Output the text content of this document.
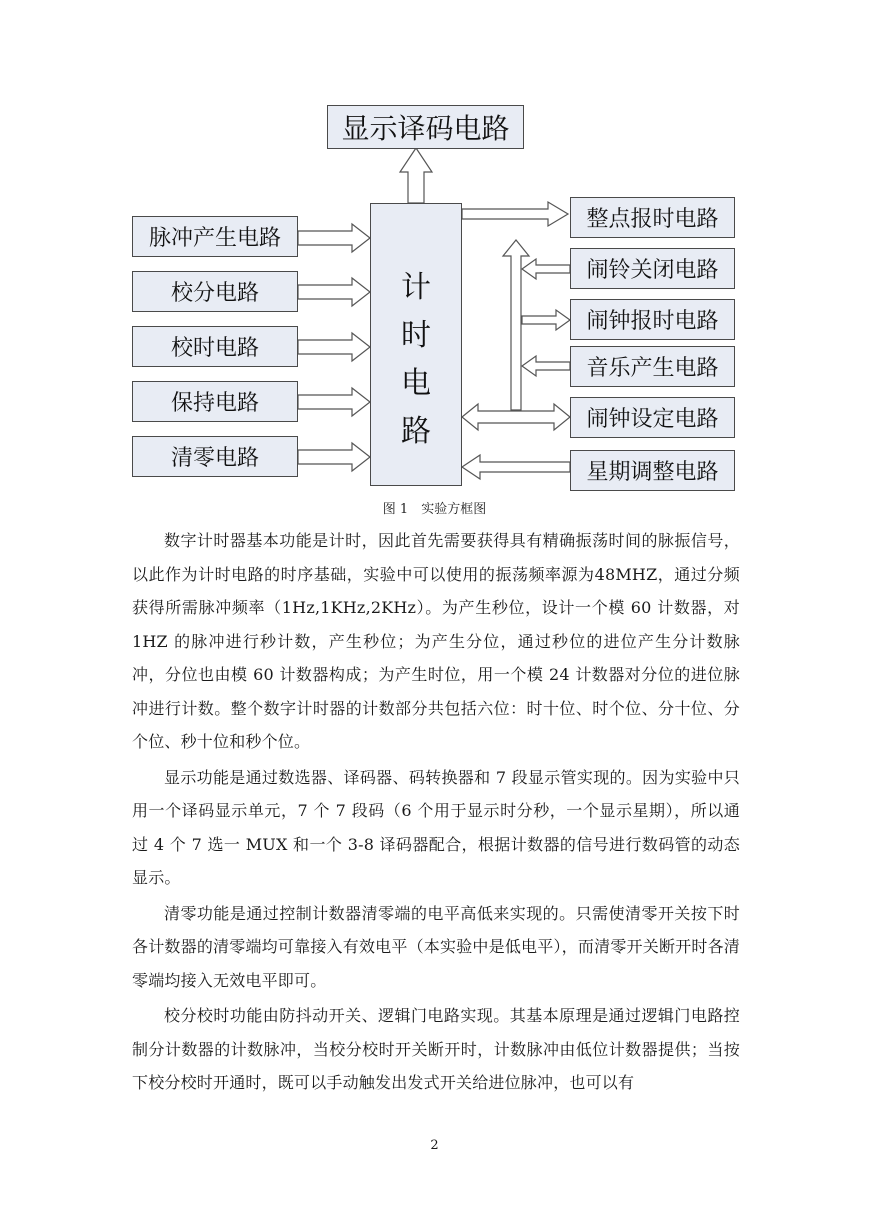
显示译码电路
计
时
电
路
脉冲产生电路
校分电路
校时电路
保持电路
清零电路
整点报时电路
闹铃关闭电路
闹钟报时电路
音乐产生电路
闹钟设定电路
星期调整电路
图 1　实验方框图

数字计时器基本功能是计时，因此首先需要获得具有精确振荡时间的脉振信号，以此作为计时电路的时序基础，实验中可以使用的振荡频率源为48MHZ，通过分频获得所需脉冲频率（1Hz,1KHz,2KHz）。为产生秒位，设计一个模 60 计数器，对 1HZ 的脉冲进行秒计数，产生秒位；为产生分位，通过秒位的进位产生分计数脉冲，分位也由模 60 计数器构成；为产生时位，用一个模 24 计数器对分位的进位脉冲进行计数。整个数字计时器的计数部分共包括六位：时十位、时个位、分十位、分个位、秒十位和秒个位。

显示功能是通过数选器、译码器、码转换器和 7 段显示管实现的。因为实验中只用一个译码显示单元，7 个 7 段码（6 个用于显示时分秒，一个显示星期），所以通过 4 个 7 选一 MUX 和一个 3-8 译码器配合，根据计数器的信号进行数码管的动态显示。

清零功能是通过控制计数器清零端的电平高低来实现的。只需使清零开关按下时各计数器的清零端均可靠接入有效电平（本实验中是低电平），而清零开关断开时各清零端均接入无效电平即可。

校分校时功能由防抖动开关、逻辑门电路实现。其基本原理是通过逻辑门电路控制分计数器的计数脉冲，当校分校时开关断开时，计数脉冲由低位计数器提供；当按下校分校时开通时，既可以手动触发出发式开关给进位脉冲，也可以有

2
